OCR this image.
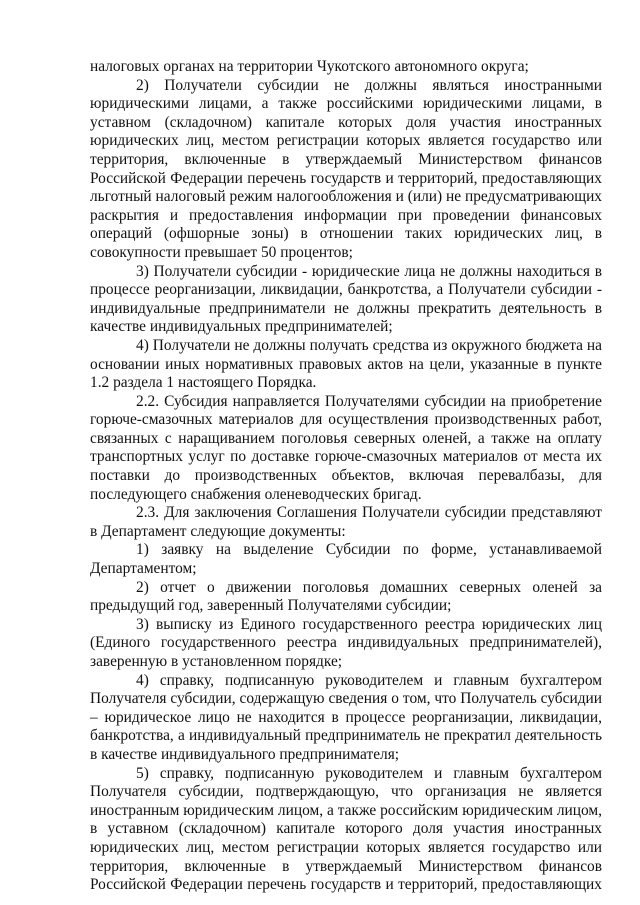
налоговых органах на территории Чукотского автономного округа;

2) Получатели субсидии не должны являться иностранными юридическими лицами, а также российскими юридическими лицами, в уставном (складочном) капитале которых доля участия иностранных юридических лиц, местом регистрации которых является государство или территория, включенные в утверждаемый Министерством финансов Российской Федерации перечень государств и территорий, предоставляющих льготный налоговый режим налогообложения и (или) не предусматривающих раскрытия и предоставления информации при проведении финансовых операций (офшорные зоны) в отношении таких юридических лиц, в совокупности превышает 50 процентов;

3) Получатели субсидии - юридические лица не должны находиться в процессе реорганизации, ликвидации, банкротства, а Получатели субсидии - индивидуальные предприниматели не должны прекратить деятельность в качестве индивидуальных предпринимателей;

4) Получатели не должны получать средства из окружного бюджета на основании иных нормативных правовых актов на цели, указанные в пункте 1.2 раздела 1 настоящего Порядка.

2.2. Субсидия направляется Получателями субсидии на приобретение горюче-смазочных материалов для осуществления производственных работ, связанных с наращиванием поголовья северных оленей, а также на оплату транспортных услуг по доставке горюче-смазочных материалов от места их поставки до производственных объектов, включая перевалбазы, для последующего снабжения оленеводческих бригад.

2.3. Для заключения Соглашения Получатели субсидии представляют в Департамент следующие документы:

1) заявку на выделение Субсидии по форме, устанавливаемой Департаментом;

2) отчет о движении поголовья домашних северных оленей за предыдущий год, заверенный Получателями субсидии;

3) выписку из Единого государственного реестра юридических лиц (Единого государственного реестра индивидуальных предпринимателей), заверенную в установленном порядке;

4) справку, подписанную руководителем и главным бухгалтером Получателя субсидии, содержащую сведения о том, что Получатель субсидии – юридическое лицо не находится в процессе реорганизации, ликвидации, банкротства, а индивидуальный предприниматель не прекратил деятельность в качестве индивидуального предпринимателя;

5) справку, подписанную руководителем и главным бухгалтером Получателя субсидии, подтверждающую, что организация не является иностранным юридическим лицом, а также российским юридическим лицом, в уставном (складочном) капитале которого доля участия иностранных юридических лиц, местом регистрации которых является государство или территория, включенные в утверждаемый Министерством финансов Российской Федерации перечень государств и территорий, предоставляющих
